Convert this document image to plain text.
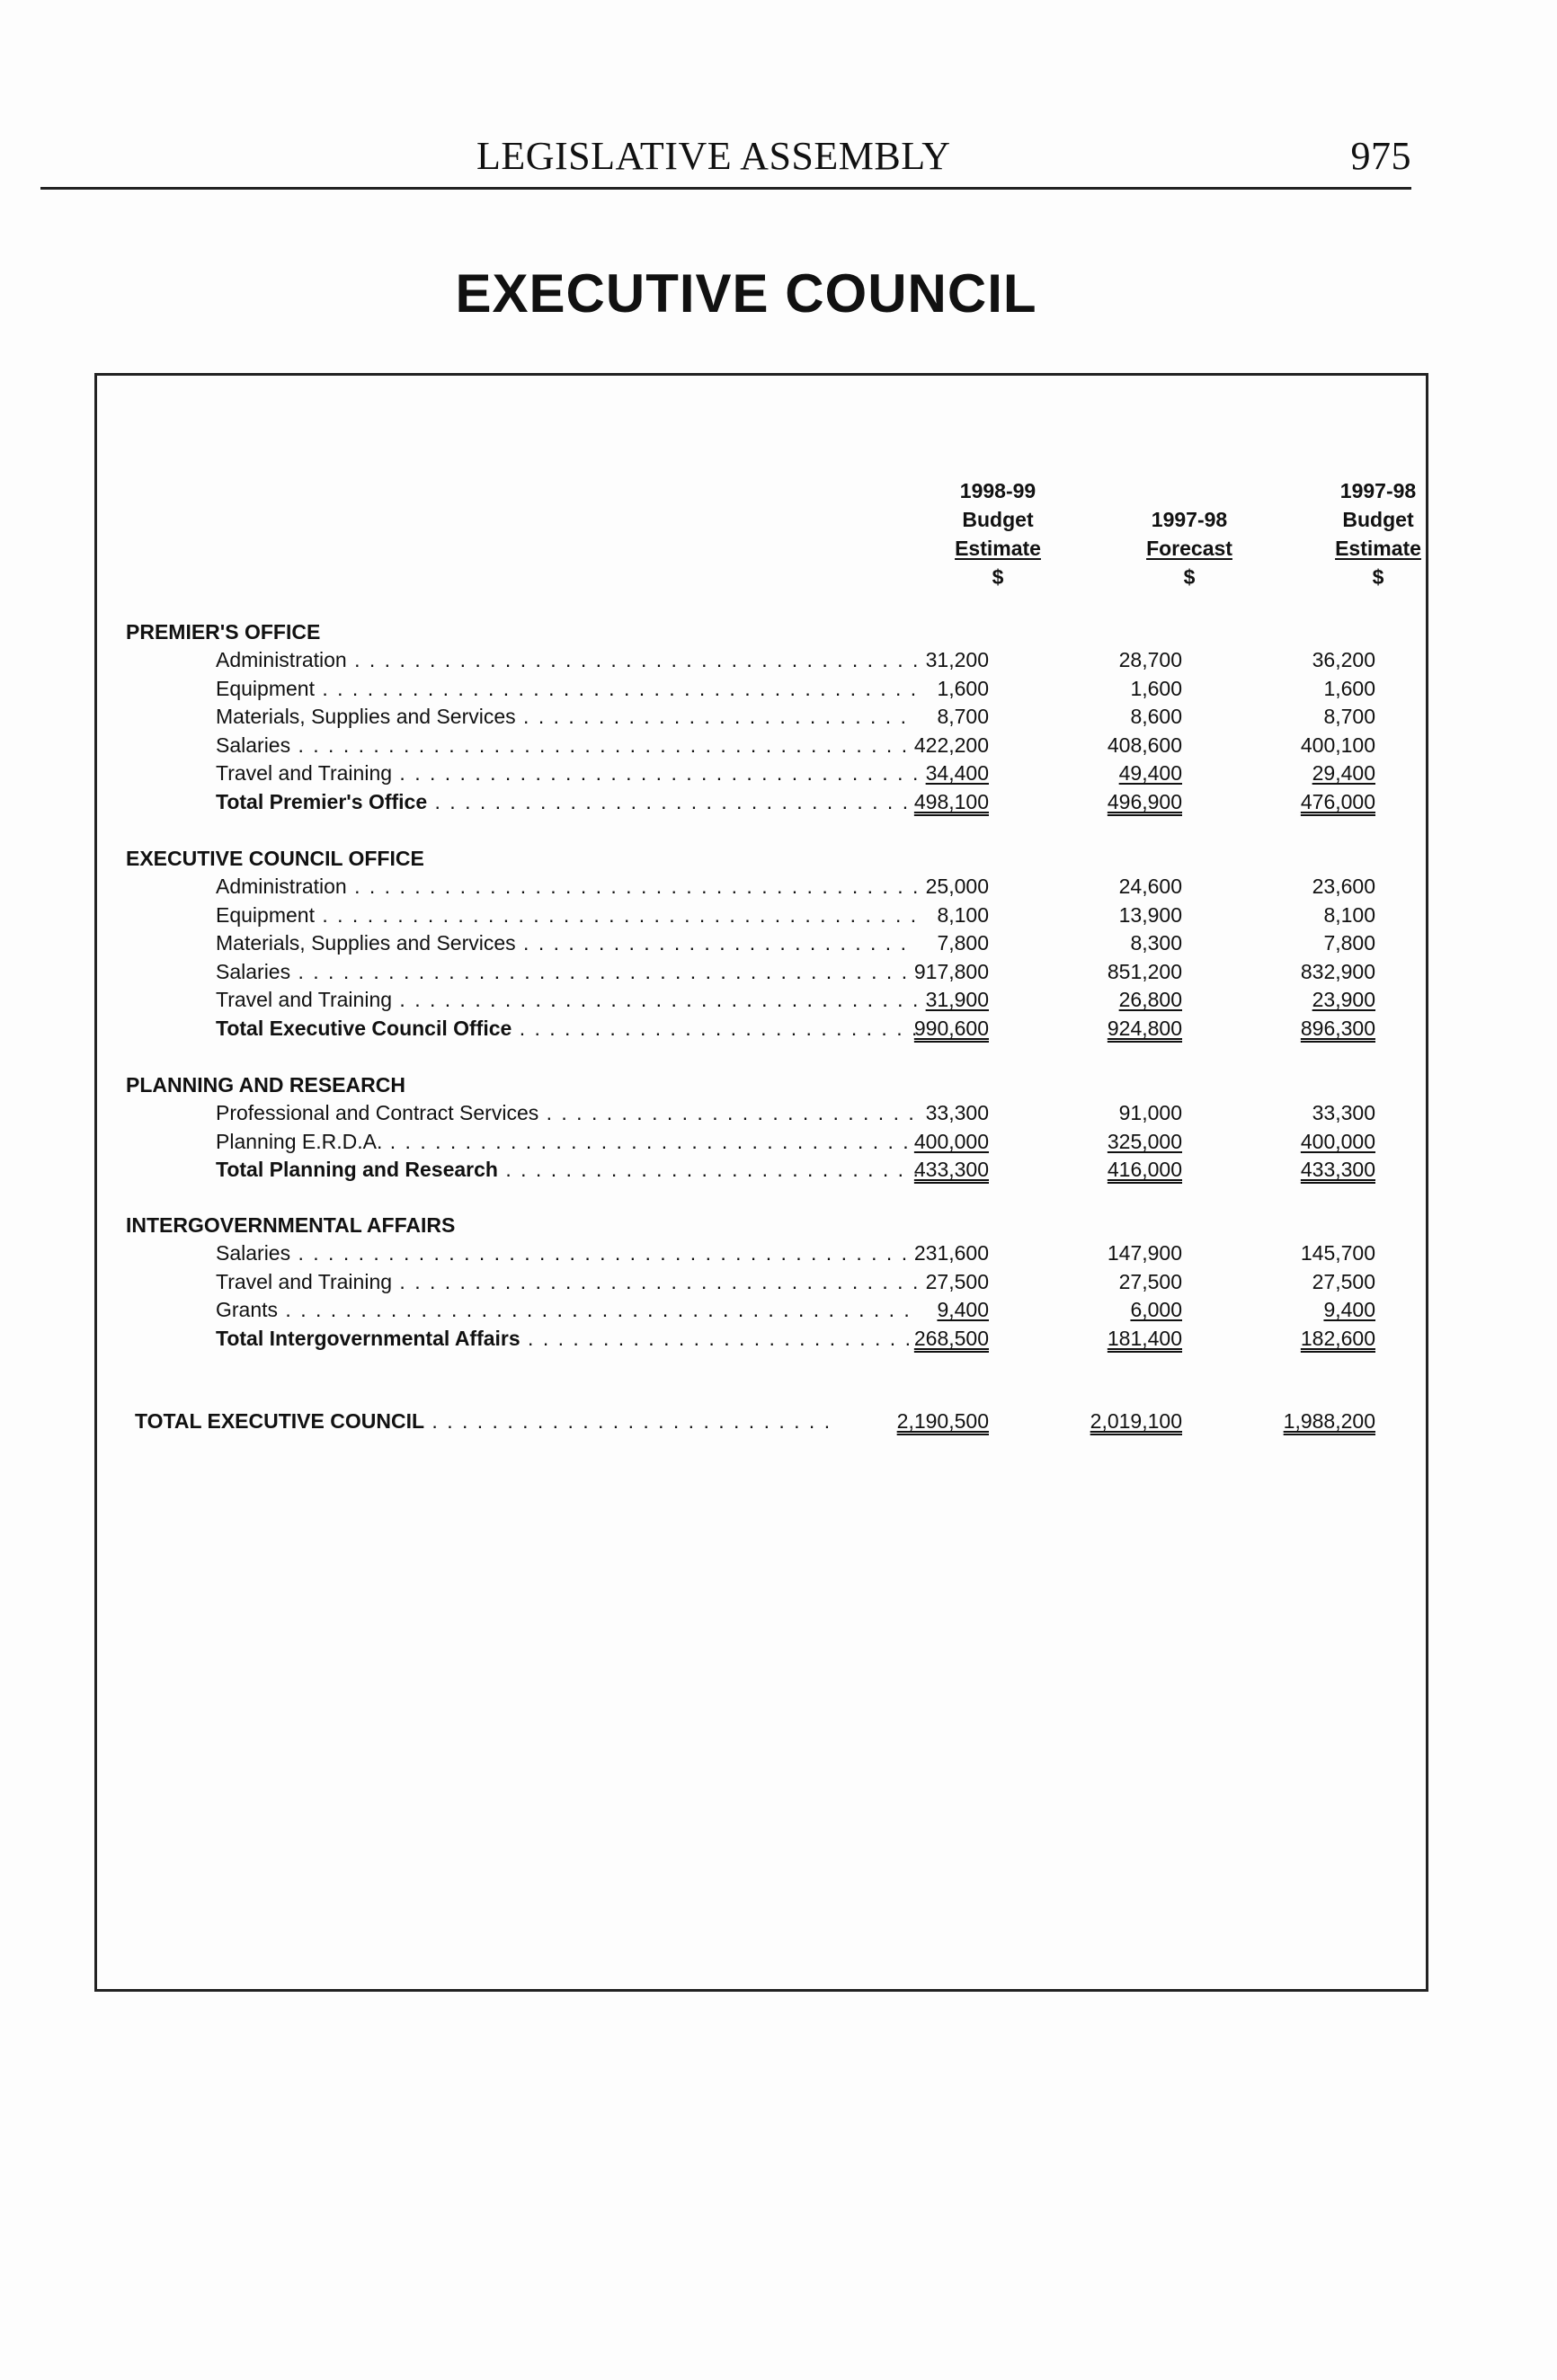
LEGISLATIVE ASSEMBLY	975
EXECUTIVE COUNCIL
1998-99
Budget
Estimate
$

1997-98
Forecast
$
1997-98
Budget
Estimate
$
PREMIER'S OFFICE
Administration . . .	31,200	28,700	36,200
Equipment . . .	1,600	1,600	1,600
Materials, Supplies and Services . . .	8,700	8,600	8,700
Salaries . . .	422,200	408,600	400,100
Travel and Training . . .	34,400	49,400	29,400
Total Premier's Office . . .	498,100	496,900	476,000
EXECUTIVE COUNCIL OFFICE
Administration . . .	25,000	24,600	23,600
Equipment . . .	8,100	13,900	8,100
Materials, Supplies and Services . . .	7,800	8,300	7,800
Salaries . . .	917,800	851,200	832,900
Travel and Training . . .	31,900	26,800	23,900
Total Executive Council Office . . .	990,600	924,800	896,300
PLANNING AND RESEARCH
Professional and Contract Services . . .	33,300	91,000	33,300
Planning E.R.D.A. . . .	400,000	325,000	400,000
Total Planning and Research . . .	433,300	416,000	433,300
INTERGOVERNMENTAL AFFAIRS
Salaries . . .	231,600	147,900	145,700
Travel and Training . . .	27,500	27,500	27,500
Grants . . .	9,400	6,000	9,400
Total Intergovernmental Affairs . . .	268,500	181,400	182,600
TOTAL EXECUTIVE COUNCIL . . .	2,190,500	2,019,100	1,988,200
